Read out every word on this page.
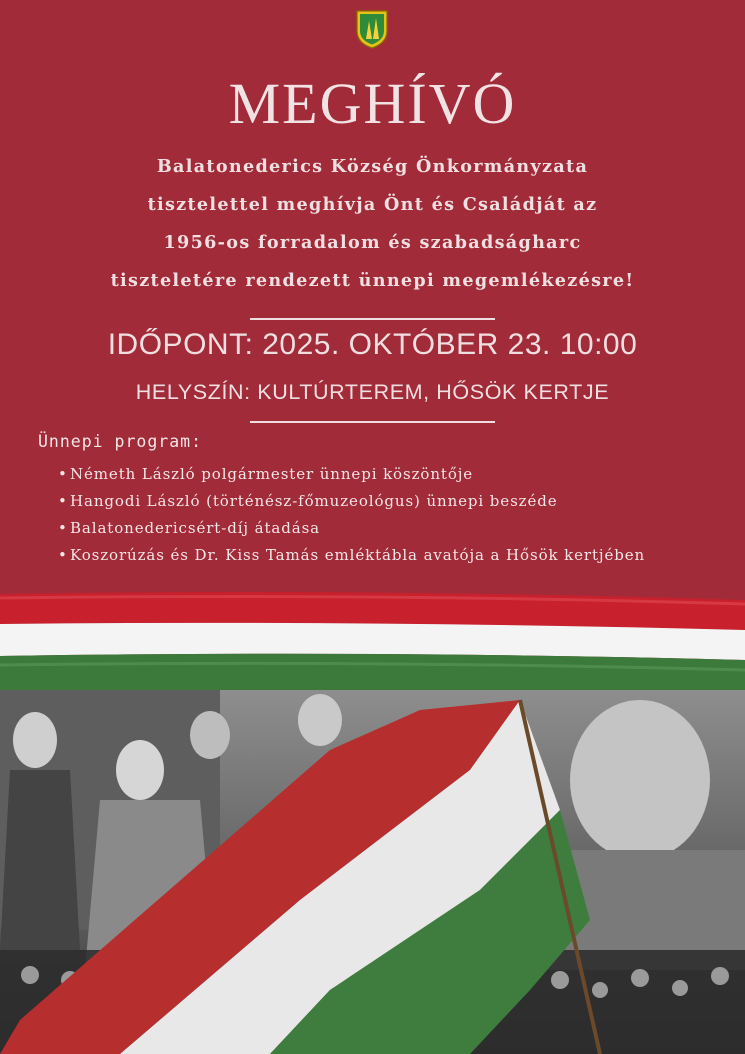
MEGHÍVÓ
Balatonederics Község Önkormányzata
tisztelettel meghívja Önt és Családját az
1956-os forradalom és szabadságharc
tiszteletére rendezett ünnepi megemlékezésre!
IDŐPONT: 2025. OKTÓBER 23. 10:00
HELYSZÍN: KULTÚRTEREM, HŐSÖK KERTJE
Ünnepi program:
• Németh László polgármester ünnepi köszöntője
• Hangodi László (történész-főmuzeológus) ünnepi beszéde
• Balatonedericsért-díj átadása
• Koszorúzás és Dr. Kiss Tamás emléktábla avatója a Hősök kertjében
